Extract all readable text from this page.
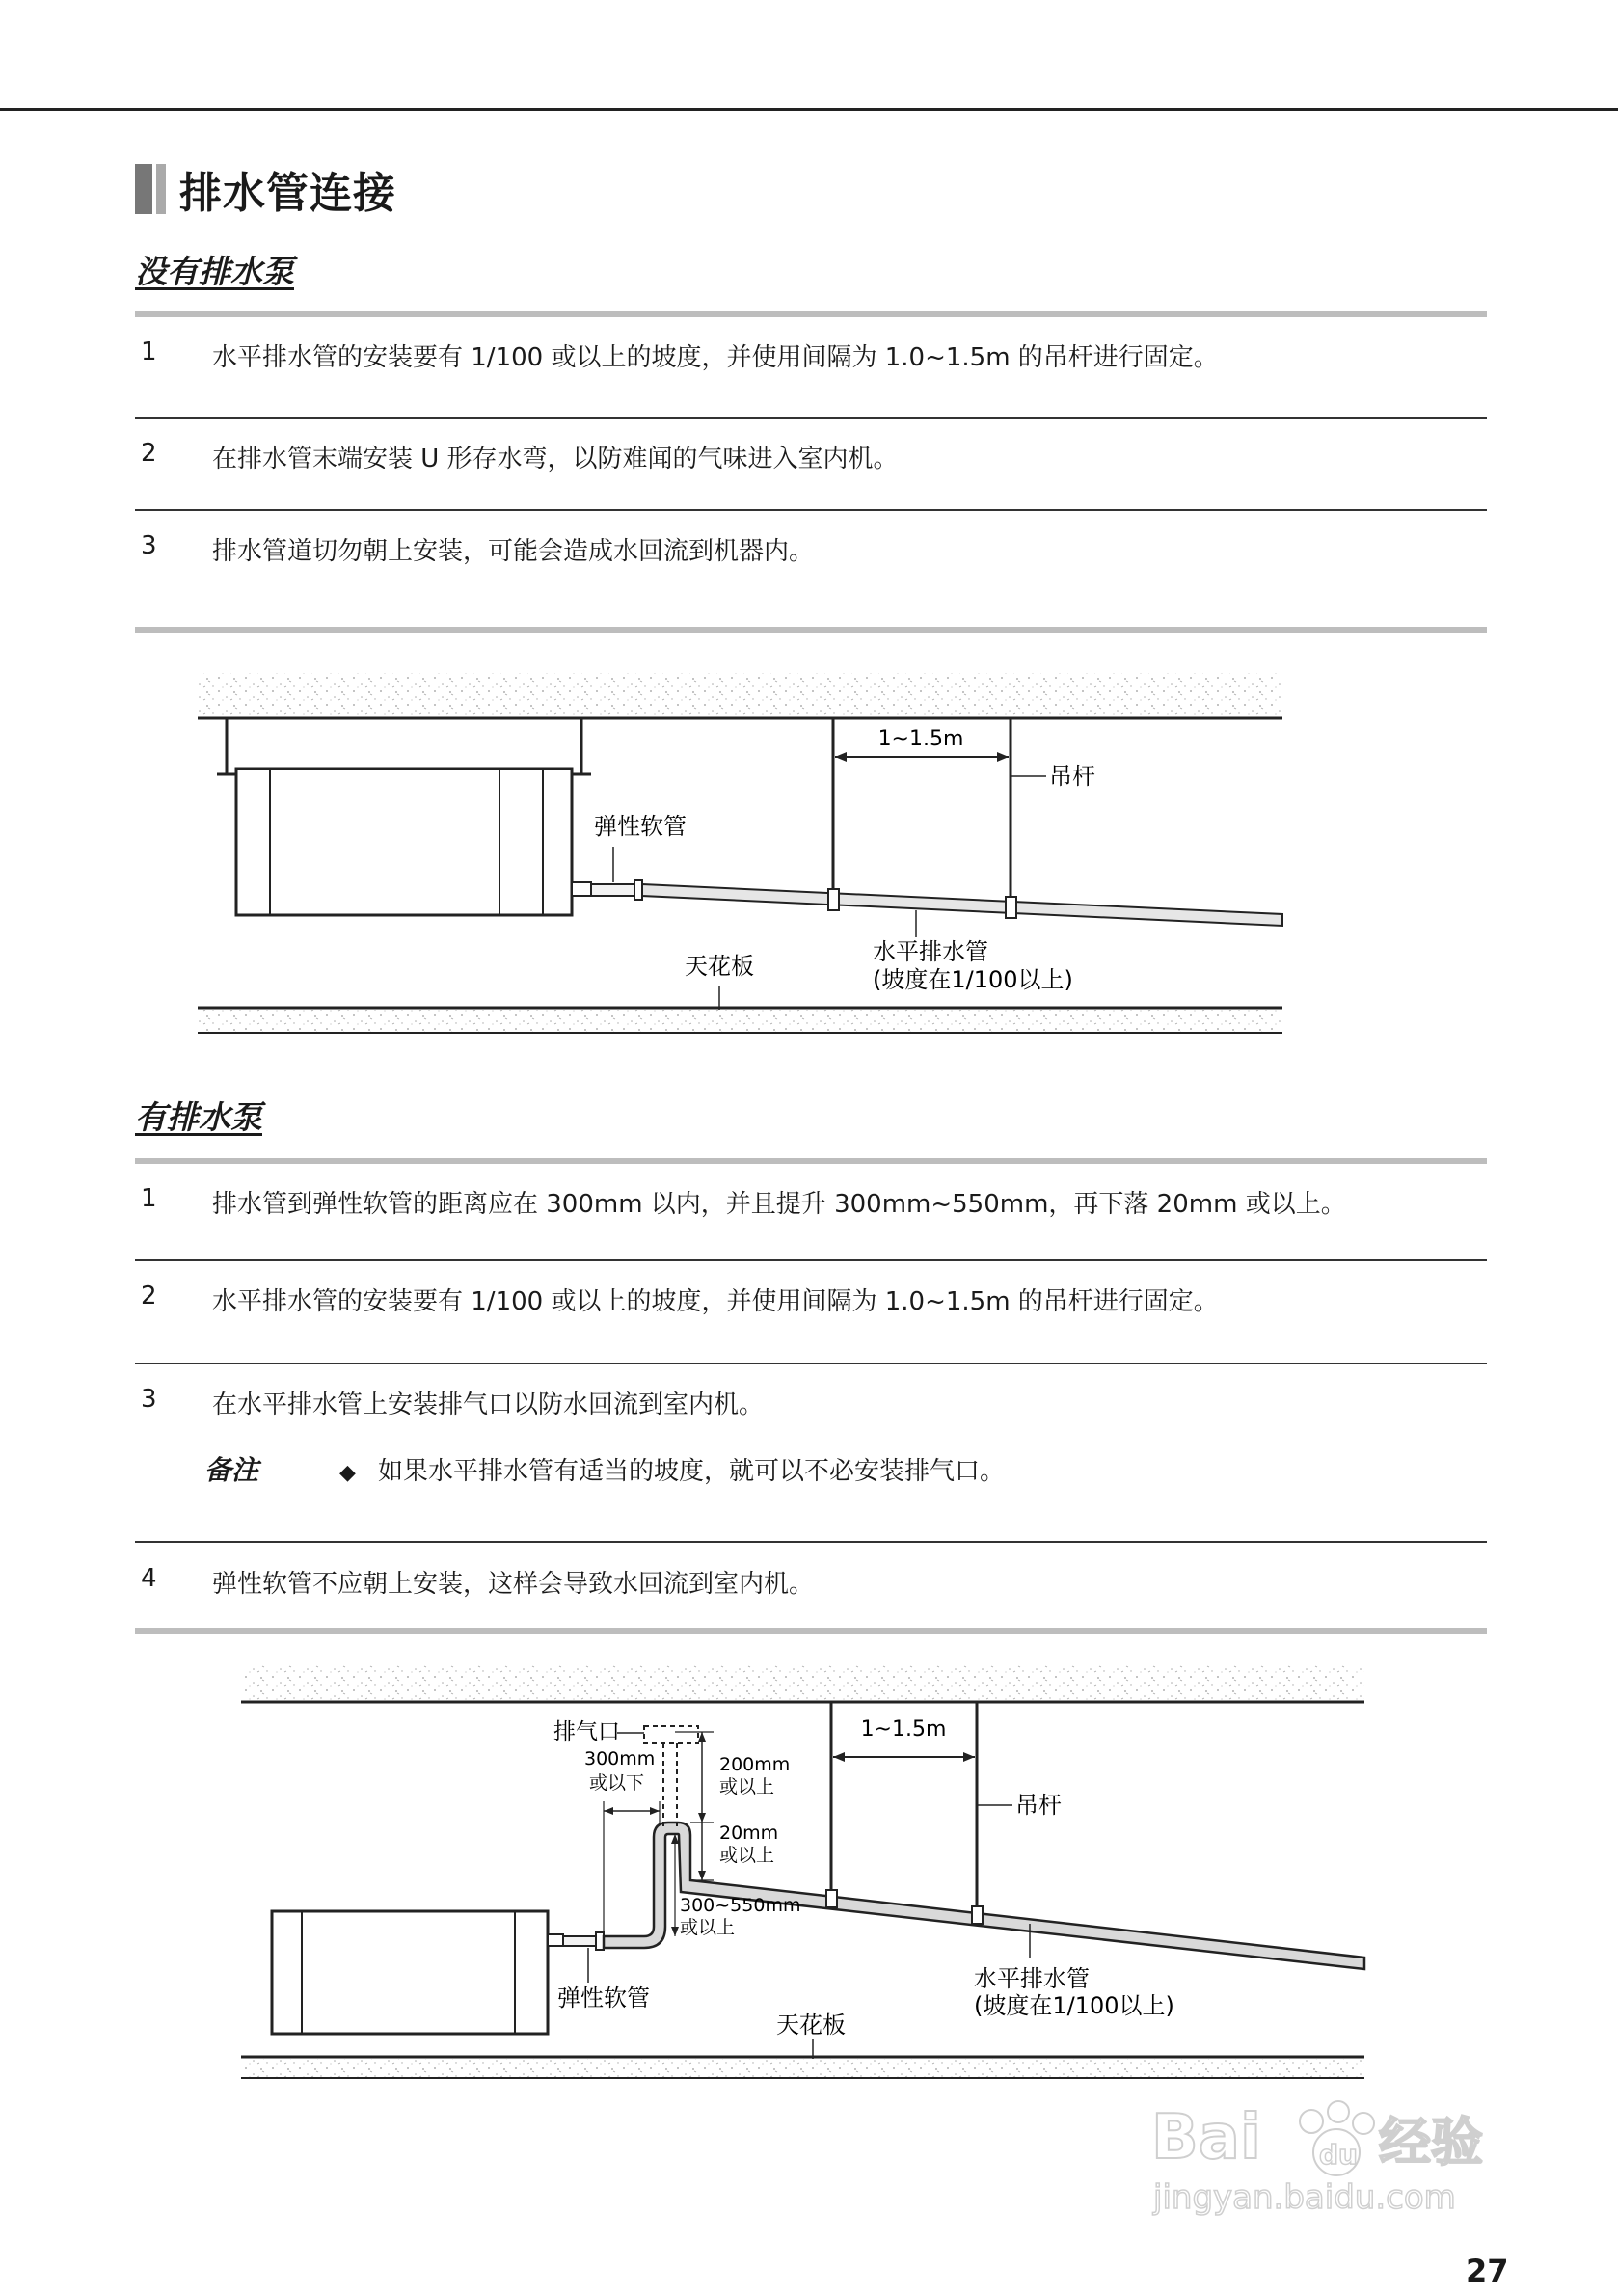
排水管连接
没有排水泵
1	水平排水管的安装要有 1/100 或以上的坡度，并使用间隔为 1.0~1.5m 的吊杆进行固定。
2	在排水管末端安装 U 形存水弯，以防难闻的气味进入室内机。
3	排水管道切勿朝上安装，可能会造成水回流到机器内。
1~1.5m
吊杆
弹性软管
天花板
水平排水管
(坡度在1/100以上)
有排水泵
1	排水管到弹性软管的距离应在 300mm 以内，并且提升 300mm~550mm，再下落 20mm 或以上。
2	水平排水管的安装要有 1/100 或以上的坡度，并使用间隔为 1.0~1.5m 的吊杆进行固定。
3	在水平排水管上安装排气口以防水回流到室内机。
备注	◆ 如果水平排水管有适当的坡度，就可以不必安装排气口。
4	弹性软管不应朝上安装，这样会导致水回流到室内机。
排气口
300mm
或以下
200mm
或以上
20mm
或以上
300~550mm
或以上
1~1.5m
吊杆
弹性软管
天花板
水平排水管
(坡度在1/100以上)
Bai du 经验
jingyan.baidu.com
27
